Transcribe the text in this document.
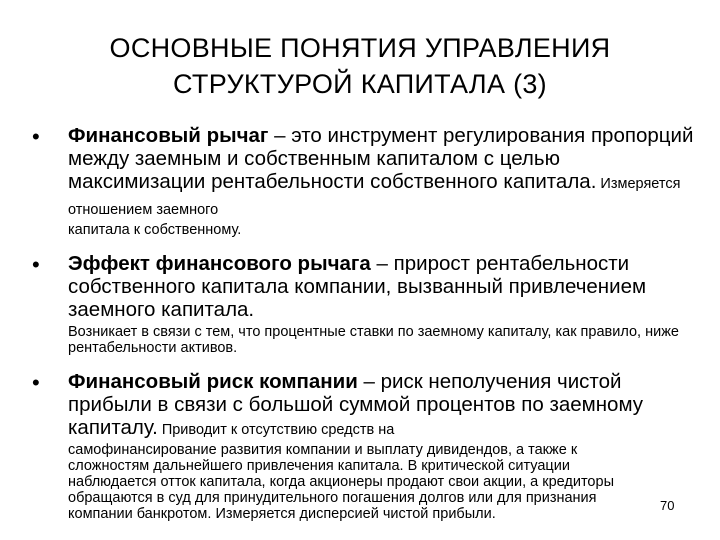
ОСНОВНЫЕ ПОНЯТИЯ УПРАВЛЕНИЯ
СТРУКТУРОЙ КАПИТАЛА (3)
• Финансовый рычаг – это инструмент регулирования пропорций между заемным и собственным капиталом с целью максимизации рентабельности собственного капитала. Измеряется отношением заемного
капитала к собственному.
• Эффект финансового рычага – прирост рентабельности собственного капитала компании, вызванный привлечением заемного капитала.
Возникает в связи с тем, что процентные ставки по заемному капиталу, как правило, ниже рентабельности активов.
• Финансовый риск компании – риск неполучения чистой прибыли в связи с большой суммой процентов по заемному капиталу. Приводит к отсутствию средств на
самофинансирование развития компании и выплату дивидендов, а также к сложностям дальнейшего привлечения капитала. В критической ситуации наблюдается отток капитала, когда акционеры продают свои акции, а кредиторы обращаются в суд для принудительного погашения долгов или для признания компании банкротом. Измеряется дисперсией чистой прибыли.
70
